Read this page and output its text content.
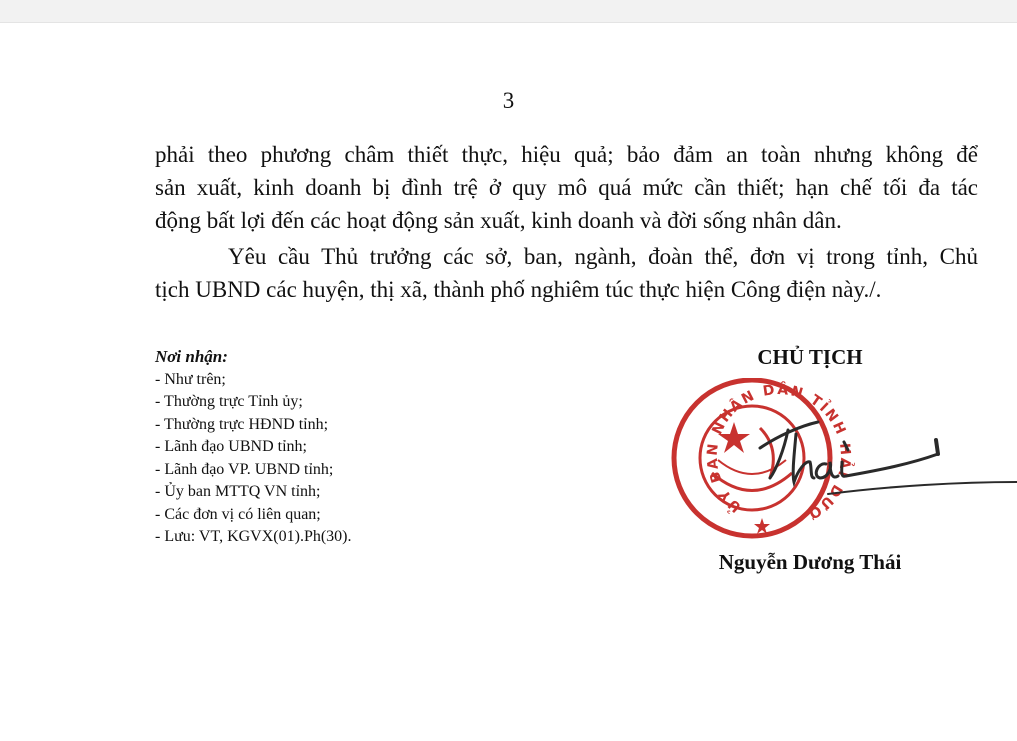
3
phải theo phương châm thiết thực, hiệu quả; bảo đảm an toàn nhưng không để
sản xuất, kinh doanh bị đình trệ ở quy mô quá mức cần thiết; hạn chế tối đa tác
động bất lợi đến các hoạt động sản xuất, kinh doanh và đời sống nhân dân.
Yêu cầu Thủ trưởng các sở, ban, ngành, đoàn thể, đơn vị trong tỉnh, Chủ
tịch UBND các huyện, thị xã, thành phố nghiêm túc thực hiện Công điện này./.
Nơi nhận:
- Như trên;
- Thường trực Tỉnh ủy;
- Thường trực HĐND tỉnh;
- Lãnh đạo UBND tỉnh;
- Lãnh đạo VP. UBND tỉnh;
- Ủy ban MTTQ VN tỉnh;
- Các đơn vị có liên quan;
- Lưu: VT, KGVX(01).Ph(30).
CHỦ TỊCH
ỦY BAN NHÂN DÂN TỈNH HẢI DƯƠ
Nguyễn Dương Thái
